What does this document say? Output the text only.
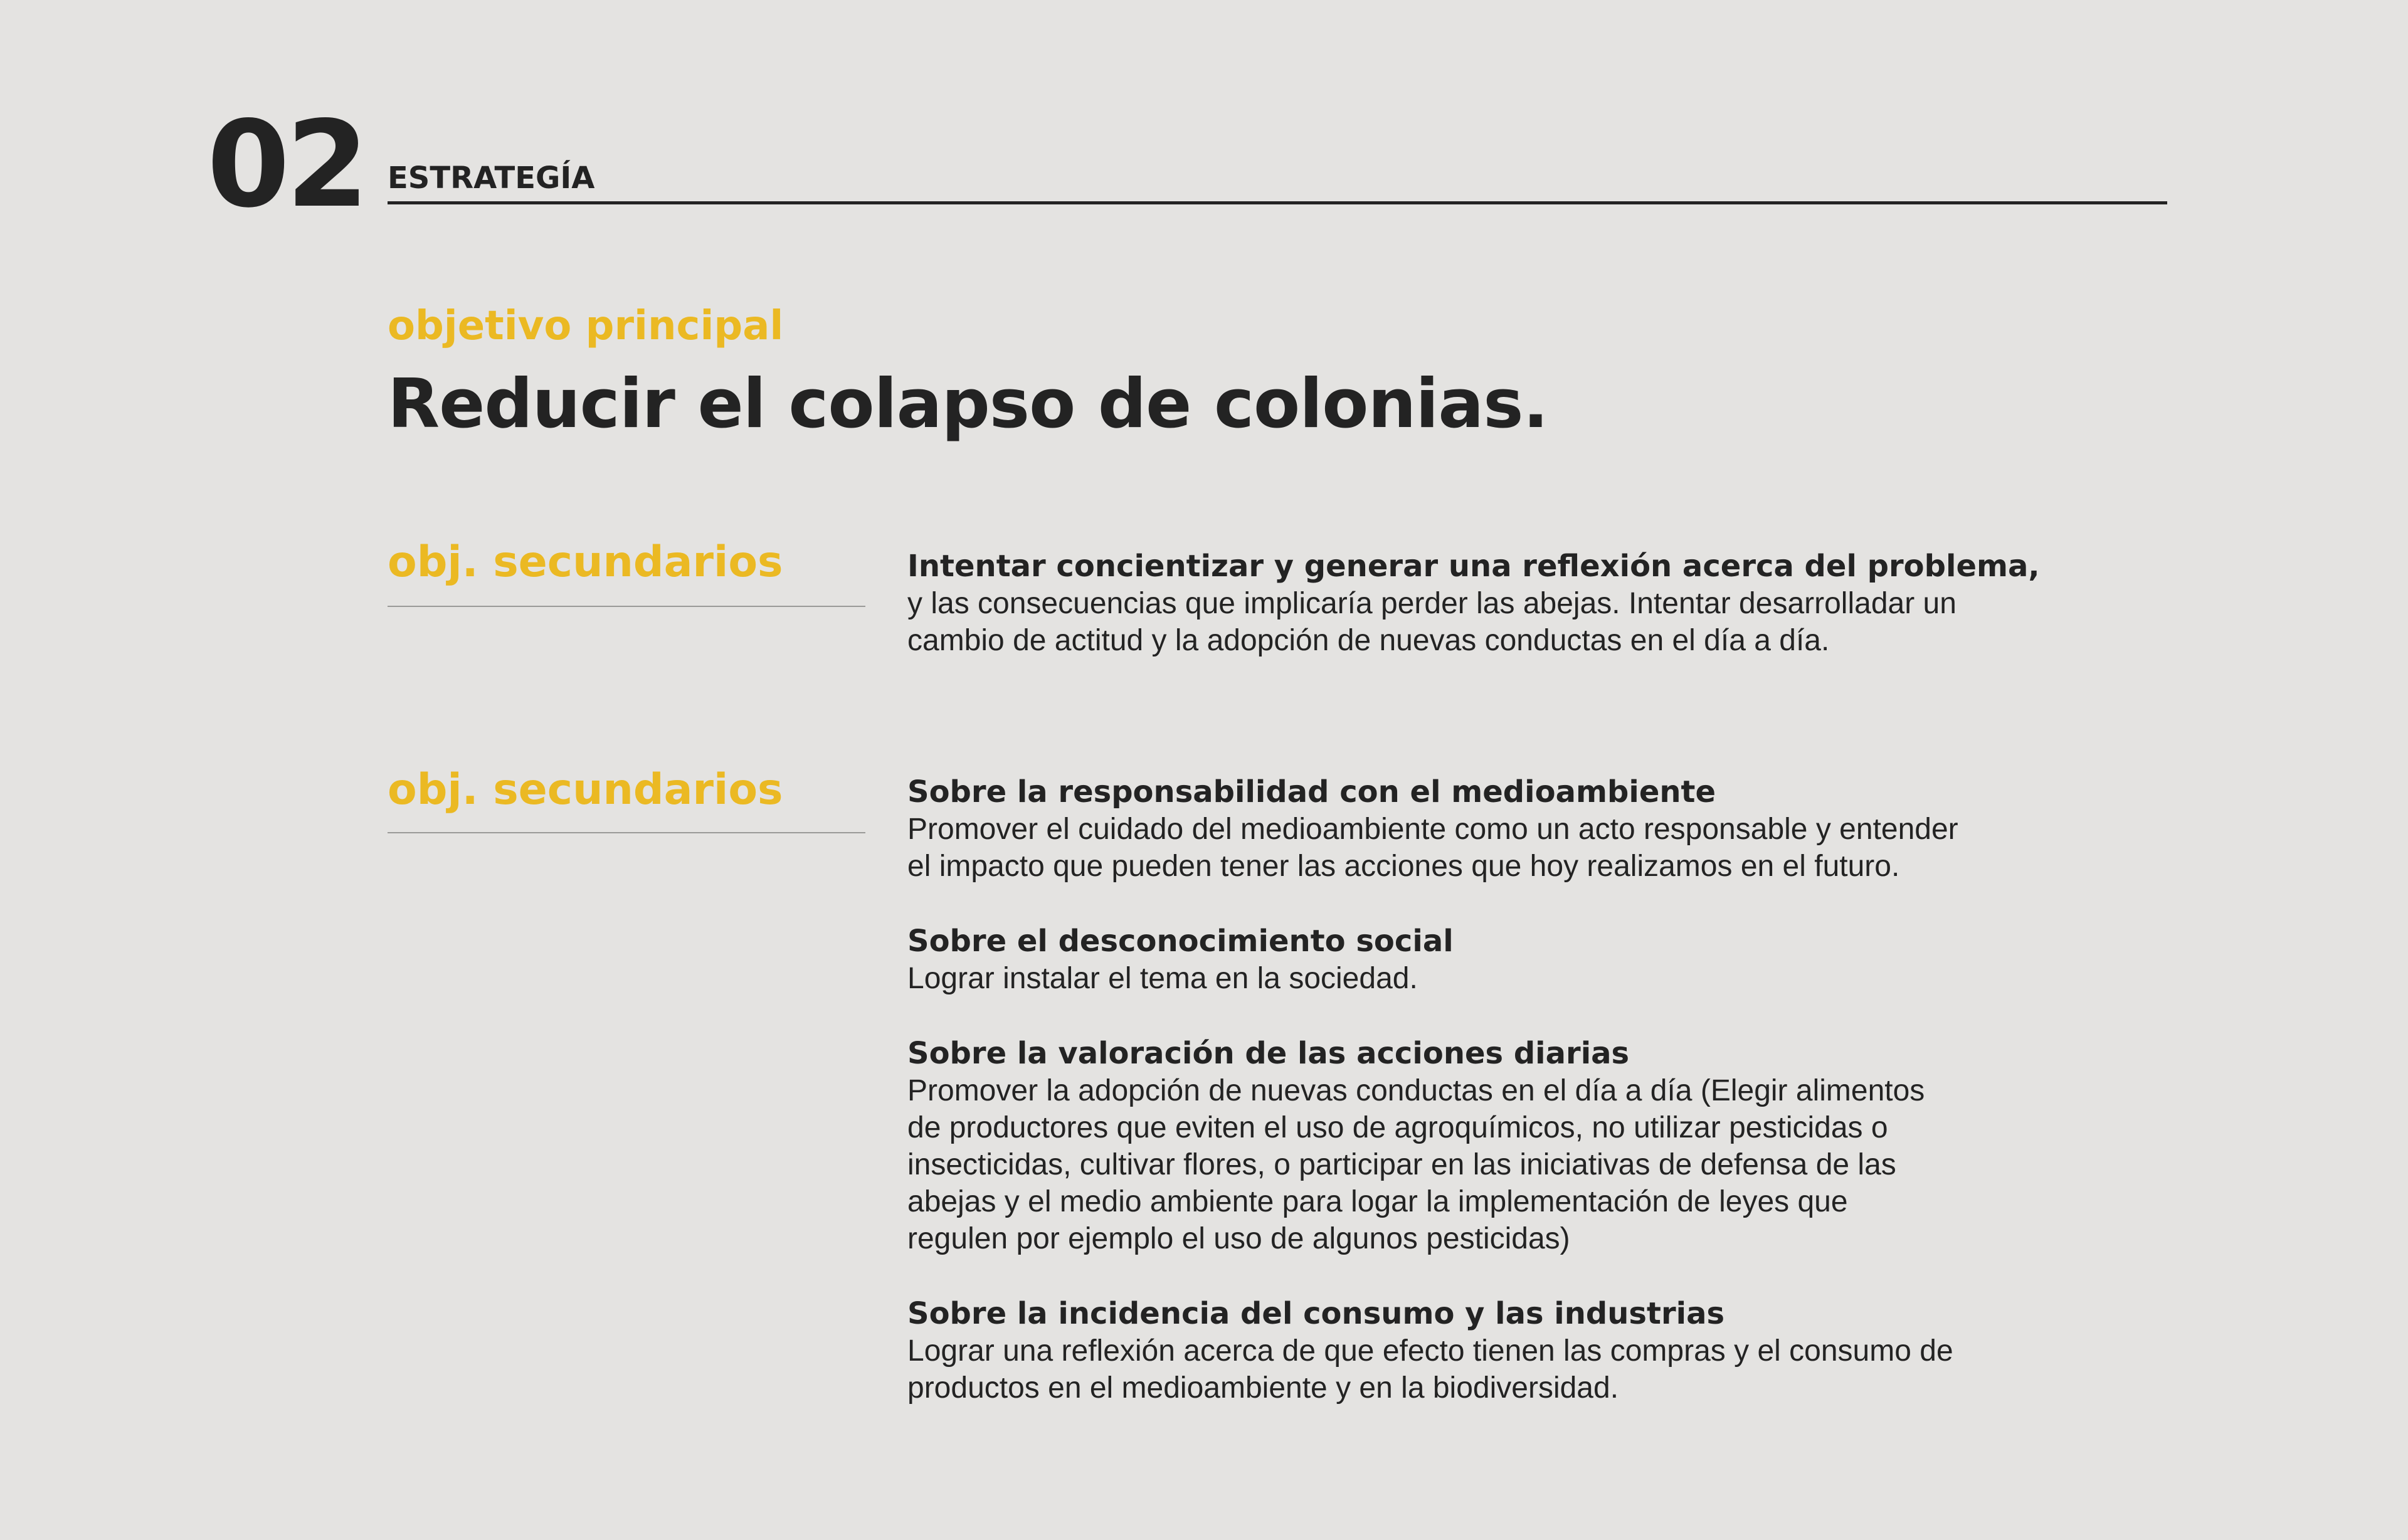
02 ESTRATEGÍA
objetivo principal
Reducir el colapso de colonias.
obj. secundarios	Intentar concientizar y generar una reflexión acerca del problema,

y las consecuencias que implicaría perder las abejas. Intentar desarrolladar un

cambio de actitud y la adopción de nuevas conductas en el día a día.

obj. secundarios	Sobre la responsabilidad con el medioambiente

Promover el cuidado del medioambiente como un acto responsable y entender

el impacto que pueden tener las acciones que hoy realizamos en el futuro.

Sobre el desconocimiento social

Lograr instalar el tema en la sociedad.

Sobre la valoración de las acciones diarias

Promover la adopción de nuevas conductas en el día a día (Elegir alimentos

de productores que eviten el uso de agroquímicos, no utilizar pesticidas o

insecticidas, cultivar flores, o participar en las iniciativas de defensa de las

abejas y el medio ambiente para logar la implementación de leyes que

regulen por ejemplo el uso de algunos pesticidas)

Sobre la incidencia del consumo y las industrias

Lograr una reflexión acerca de que efecto tienen las compras y el consumo de

productos en el medioambiente y en la biodiversidad.
